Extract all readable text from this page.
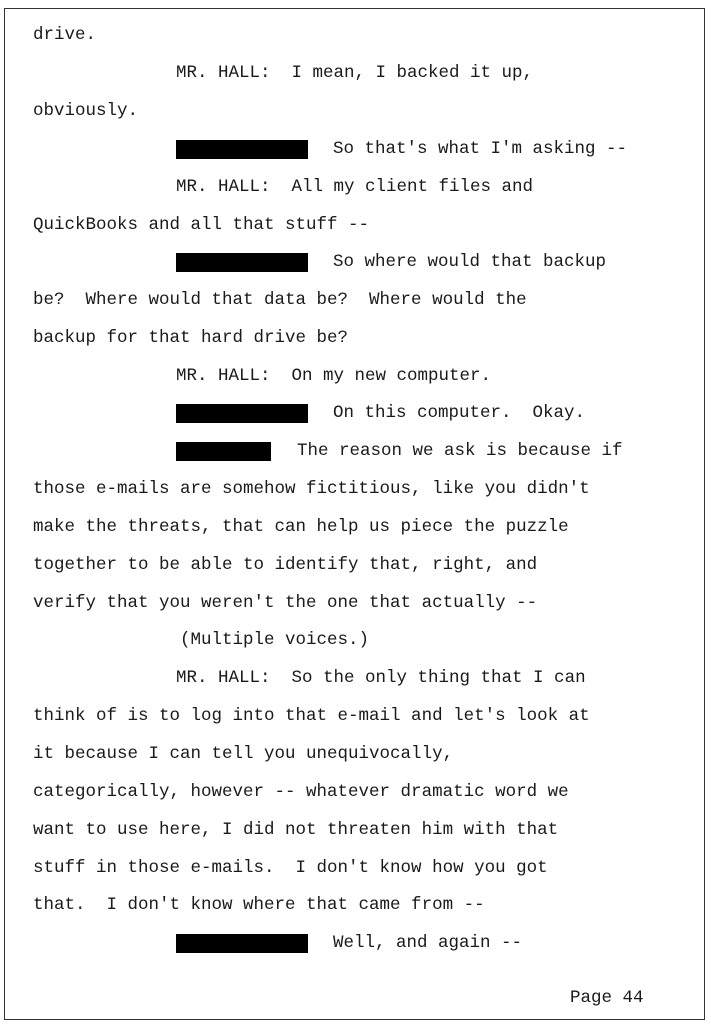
drive.
MR. HALL:  I mean, I backed it up,
obviously.
So that's what I'm asking --
MR. HALL:  All my client files and
QuickBooks and all that stuff --
So where would that backup
be?  Where would that data be?  Where would the
backup for that hard drive be?
MR. HALL:  On my new computer.
On this computer.  Okay.
The reason we ask is because if
those e-mails are somehow fictitious, like you didn't
make the threats, that can help us piece the puzzle
together to be able to identify that, right, and
verify that you weren't the one that actually --
(Multiple voices.)
MR. HALL:  So the only thing that I can
think of is to log into that e-mail and let's look at
it because I can tell you unequivocally,
categorically, however -- whatever dramatic word we
want to use here, I did not threaten him with that
stuff in those e-mails.  I don't know how you got
that.  I don't know where that came from --
Well, and again --
Page 44
